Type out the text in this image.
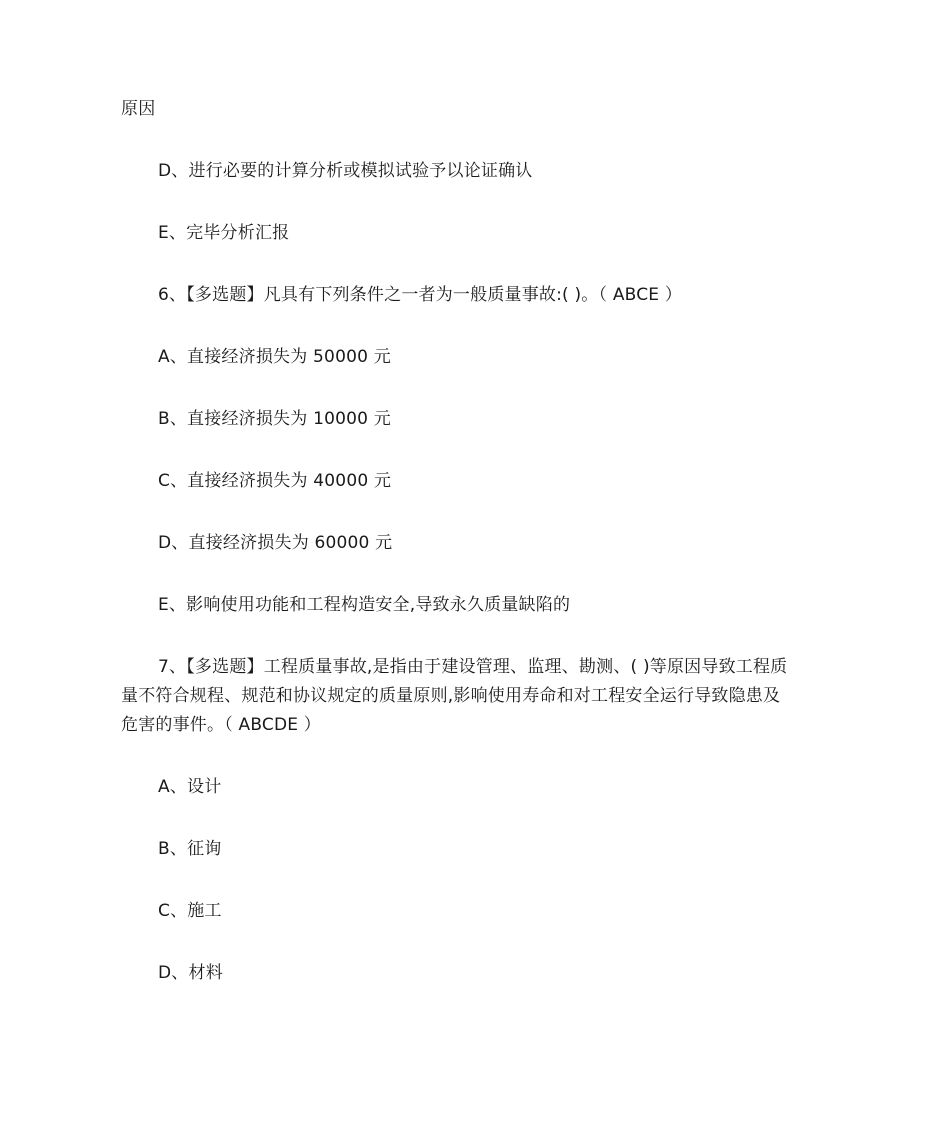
原因
D、进行必要的计算分析或模拟试验予以论证确认
E、完毕分析汇报
6、【多选题】凡具有下列条件之一者为一般质量事故:( )。（ ABCE ）
A、直接经济损失为 50000 元
B、直接经济损失为 10000 元
C、直接经济损失为 40000 元
D、直接经济损失为 60000 元
E、影响使用功能和工程构造安全,导致永久质量缺陷的
7、【多选题】工程质量事故,是指由于建设管理、监理、勘测、( )等原因导致工程质
量不符合规程、规范和协议规定的质量原则,影响使用寿命和对工程安全运行导致隐患及
危害的事件。（ ABCDE ）
A、设计
B、征询
C、施工
D、材料
